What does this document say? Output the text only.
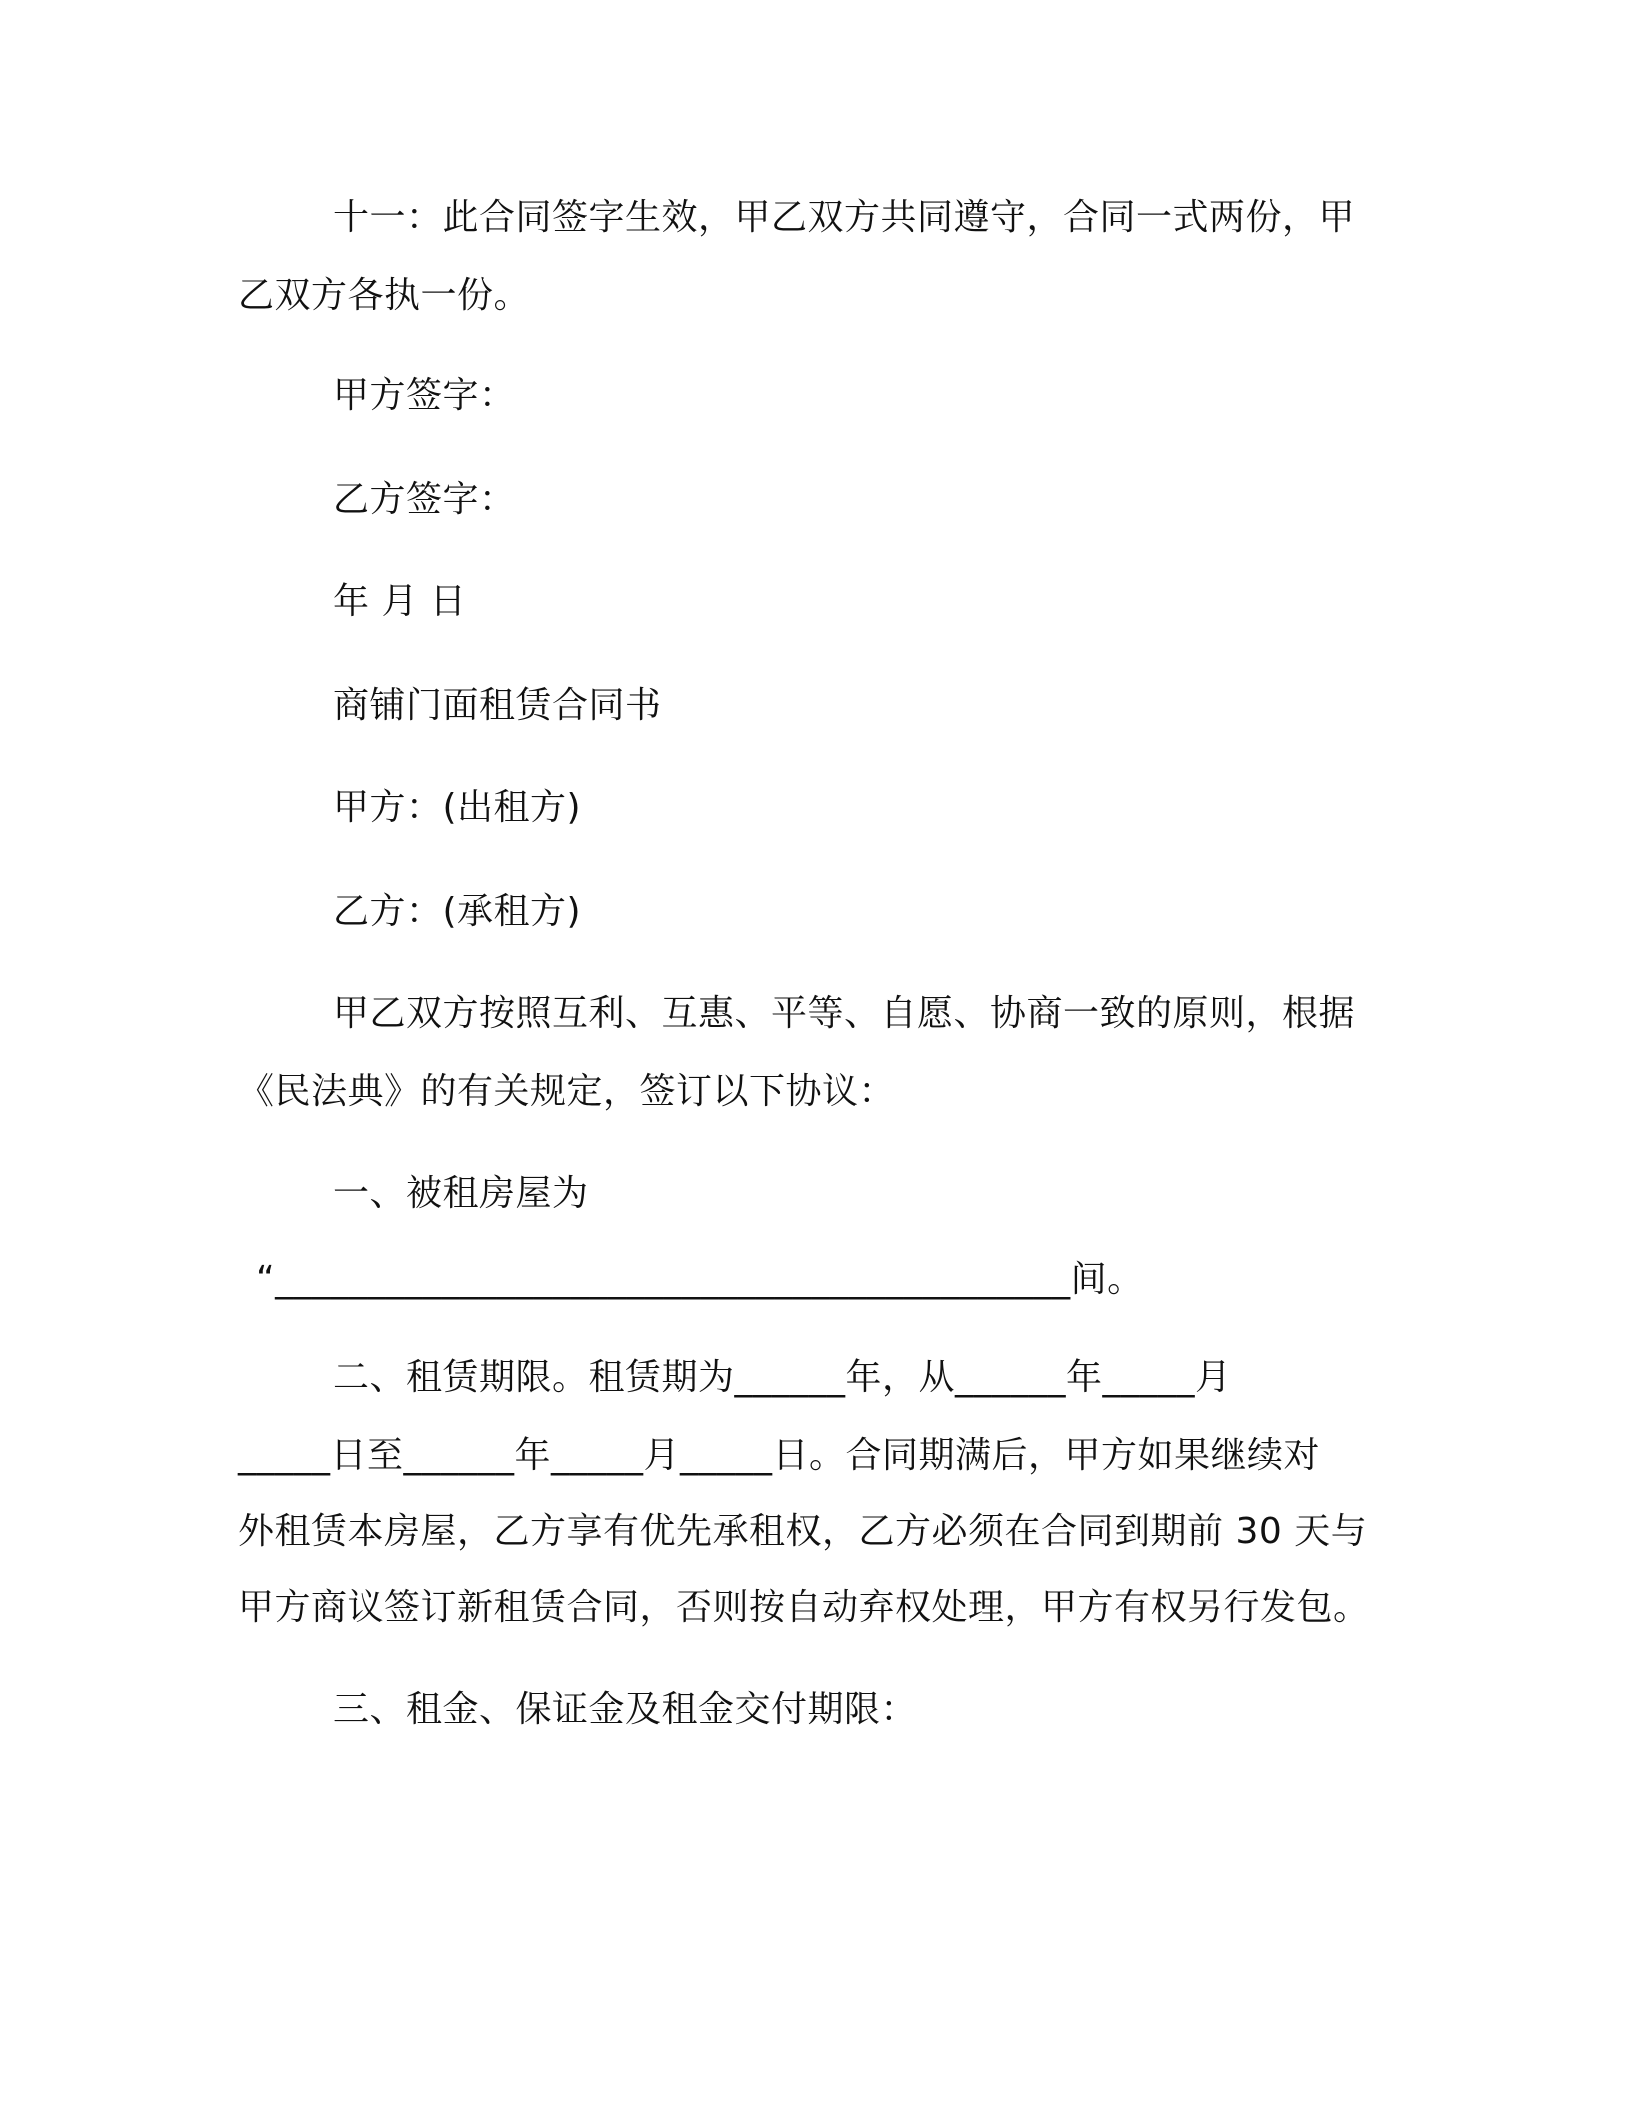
十一：此合同签字生效，甲乙双方共同遵守，合同一式两份，甲
乙双方各执一份。
甲方签字：
乙方签字：
年 月 日
商铺门面租赁合同书
甲方：(出租方)
乙方：(承租方)
甲乙双方按照互利、互惠、平等、自愿、协商一致的原则，根据
《民法典》的有关规定，签订以下协议：
一、被租房屋为
“___________________________________________间。
二、租赁期限。租赁期为______年，从______年_____月
_____日至______年_____月_____日。合同期满后，甲方如果继续对
外租赁本房屋，乙方享有优先承租权，乙方必须在合同到期前 30 天与
甲方商议签订新租赁合同，否则按自动弃权处理，甲方有权另行发包。
三、租金、保证金及租金交付期限：
